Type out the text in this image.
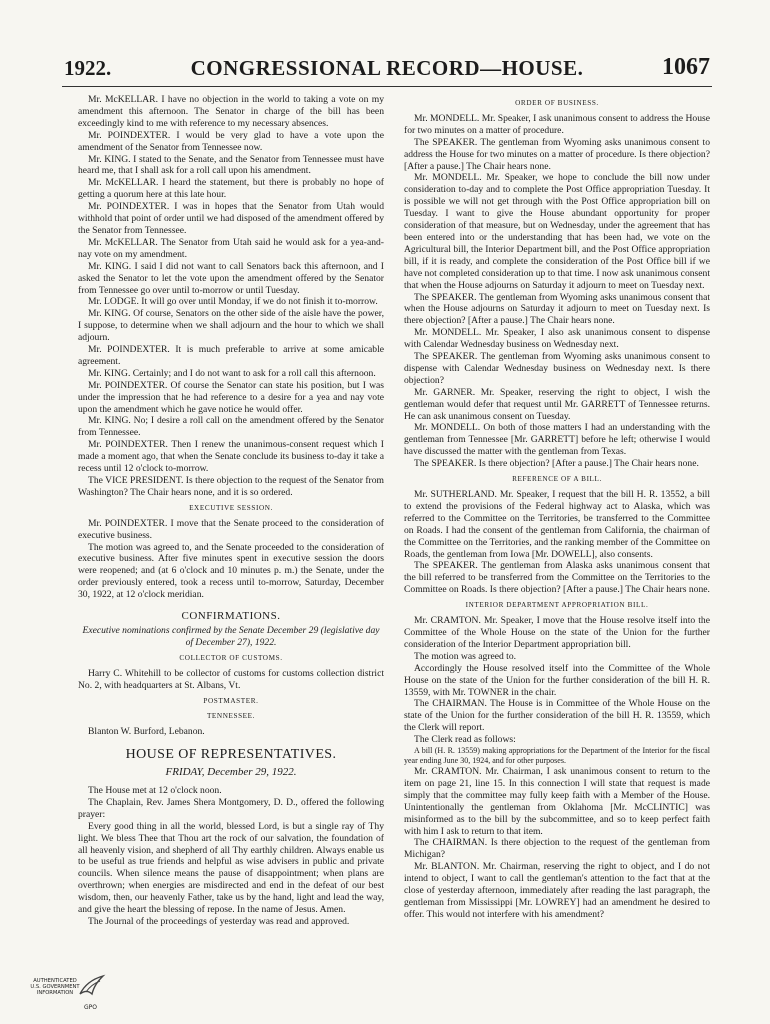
1922.	CONGRESSIONAL RECORD—HOUSE.	1067

Mr. McKELLAR. I have no objection in the world to taking a vote on my amendment this afternoon. The Senator in charge of the bill has been exceedingly kind to me with reference to my necessary absences.

Mr. POINDEXTER. I would be very glad to have a vote upon the amendment of the Senator from Tennessee now.

Mr. KING. I stated to the Senate, and the Senator from Tennessee must have heard me, that I shall ask for a roll call upon his amendment.

Mr. McKELLAR. I heard the statement, but there is probably no hope of getting a quorum here at this late hour.

Mr. POINDEXTER. I was in hopes that the Senator from Utah would withhold that point of order until we had disposed of the amendment offered by the Senator from Tennessee.

Mr. McKELLAR. The Senator from Utah said he would ask for a yea-and-nay vote on my amendment.

Mr. KING. I said I did not want to call Senators back this afternoon, and I asked the Senator to let the vote upon the amendment offered by the Senator from Tennessee go over until to-morrow or until Tuesday.

Mr. LODGE. It will go over until Monday, if we do not finish it to-morrow.

Mr. KING. Of course, Senators on the other side of the aisle have the power, I suppose, to determine when we shall adjourn and the hour to which we shall adjourn.

Mr. POINDEXTER. It is much preferable to arrive at some amicable agreement.

Mr. KING. Certainly; and I do not want to ask for a roll call this afternoon.

Mr. POINDEXTER. Of course the Senator can state his position, but I was under the impression that he had reference to a desire for a yea and nay vote upon the amendment which he gave notice he would offer.

Mr. KING. No; I desire a roll call on the amendment offered by the Senator from Tennessee.

Mr. POINDEXTER. Then I renew the unanimous-consent request which I made a moment ago, that when the Senate conclude its business to-day it take a recess until 12 o'clock to-morrow.

The VICE PRESIDENT. Is there objection to the request of the Senator from Washington? The Chair hears none, and it is so ordered.

EXECUTIVE SESSION.

Mr. POINDEXTER. I move that the Senate proceed to the consideration of executive business.

The motion was agreed to, and the Senate proceeded to the consideration of executive business. After five minutes spent in executive session the doors were reopened; and (at 6 o'clock and 10 minutes p. m.) the Senate, under the order previously entered, took a recess until to-morrow, Saturday, December 30, 1922, at 12 o'clock meridian.

CONFIRMATIONS.

Executive nominations confirmed by the Senate December 29 (legislative day of December 27), 1922.

COLLECTOR OF CUSTOMS.

Harry C. Whitehill to be collector of customs for customs collection district No. 2, with headquarters at St. Albans, Vt.

POSTMASTER.
TENNESSEE.

Blanton W. Burford, Lebanon.

HOUSE OF REPRESENTATIVES.
FRIDAY, December 29, 1922.

The House met at 12 o'clock noon.

The Chaplain, Rev. James Shera Montgomery, D. D., offered the following prayer:

Every good thing in all the world, blessed Lord, is but a single ray of Thy light. We bless Thee that Thou art the rock of our salvation, the foundation of all heavenly vision, and shepherd of all Thy earthly children. Always enable us to be useful as true friends and helpful as wise advisers in public and private councils. When silence means the pause of disappointment; when plans are overthrown; when energies are misdirected and end in the defeat of our best wisdom, then, our heavenly Father, take us by the hand, light and lead the way, and give the heart the blessing of repose. In the name of Jesus. Amen.

The Journal of the proceedings of yesterday was read and approved.

ORDER OF BUSINESS.

Mr. MONDELL. Mr. Speaker, I ask unanimous consent to address the House for two minutes on a matter of procedure.

The SPEAKER. The gentleman from Wyoming asks unanimous consent to address the House for two minutes on a matter of procedure. Is there objection? [After a pause.] The Chair hears none.

Mr. MONDELL. Mr. Speaker, we hope to conclude the bill now under consideration to-day and to complete the Post Office appropriation Tuesday. It is possible we will not get through with the Post Office appropriation bill on Tuesday. I want to give the House abundant opportunity for proper consideration of that measure, but on Wednesday, under the agreement that has been entered into or the understanding that has been had, we vote on the Agricultural bill, the Interior Department bill, and the Post Office appropriation bill, if it is ready, and complete the consideration of the Post Office bill if we have not completed consideration up to that time. I now ask unanimous consent that when the House adjourns on Saturday it adjourn to meet on Tuesday next.

The SPEAKER. The gentleman from Wyoming asks unanimous consent that when the House adjourns on Saturday it adjourn to meet on Tuesday next. Is there objection? [After a pause.] The Chair hears none.

Mr. MONDELL. Mr. Speaker, I also ask unanimous consent to dispense with Calendar Wednesday business on Wednesday next.

The SPEAKER. The gentleman from Wyoming asks unanimous consent to dispense with Calendar Wednesday business on Wednesday next. Is there objection?

Mr. GARNER. Mr. Speaker, reserving the right to object, I wish the gentleman would defer that request until Mr. GARRETT of Tennessee returns. He can ask unanimous consent on Tuesday.

Mr. MONDELL. On both of those matters I had an understanding with the gentleman from Tennessee [Mr. GARRETT] before he left; otherwise I would have discussed the matter with the gentleman from Texas.

The SPEAKER. Is there objection? [After a pause.] The Chair hears none.

REFERENCE OF A BILL.

Mr. SUTHERLAND. Mr. Speaker, I request that the bill H. R. 13552, a bill to extend the provisions of the Federal highway act to Alaska, which was referred to the Committee on the Territories, be transferred to the Committee on Roads. I had the consent of the gentleman from California, the chairman of the Committee on the Territories, and the ranking member of the Committee on Roads, the gentleman from Iowa [Mr. DOWELL], also consents.

The SPEAKER. The gentleman from Alaska asks unanimous consent that the bill referred to be transferred from the Committee on the Territories to the Committee on Roads. Is there objection? [After a pause.] The Chair hears none.

INTERIOR DEPARTMENT APPROPRIATION BILL.

Mr. CRAMTON. Mr. Speaker, I move that the House resolve itself into the Committee of the Whole House on the state of the Union for the further consideration of the Interior Department appropriation bill.

The motion was agreed to.

Accordingly the House resolved itself into the Committee of the Whole House on the state of the Union for the further consideration of the bill H. R. 13559, with Mr. TOWNER in the chair.

The CHAIRMAN. The House is in Committee of the Whole House on the state of the Union for the further consideration of the bill H. R. 13559, which the Clerk will report.

The Clerk read as follows:

A bill (H. R. 13559) making appropriations for the Department of the Interior for the fiscal year ending June 30, 1924, and for other purposes.

Mr. CRAMTON. Mr. Chairman, I ask unanimous consent to return to the item on page 21, line 15. In this connection I will state that request is made simply that the committee may fully keep faith with a Member of the House. Unintentionally the gentleman from Oklahoma [Mr. McCLINTIC] was misinformed as to the bill by the subcommittee, and so to keep perfect faith with him I ask to return to that item.

The CHAIRMAN. Is there objection to the request of the gentleman from Michigan?

Mr. BLANTON. Mr. Chairman, reserving the right to object, and I do not intend to object, I want to call the gentleman's attention to the fact that at the close of yesterday afternoon, immediately after reading the last paragraph, the gentleman from Mississippi [Mr. LOWREY] had an amendment he desired to offer. This would not interfere with his amendment?

AUTHENTICATED
U.S. GOVERNMENT
INFORMATION
GPO
